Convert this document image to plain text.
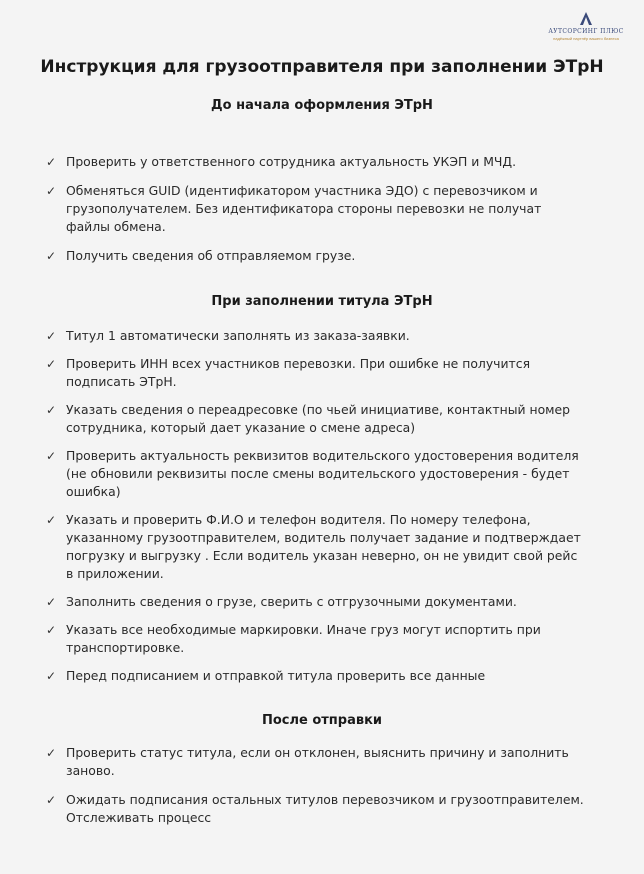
АУТСОРСИНГ ПЛЮС
надёжный партнёр вашего бизнеса
Инструкция для грузоотправителя при заполнении ЭТрН
До начала оформления ЭТрН
✓ Проверить у ответственного сотрудника актуальность УКЭП и МЧД.
✓ Обменяться GUID (идентификатором участника ЭДО) с перевозчиком и грузополучателем. Без идентификатора стороны перевозки не получат файлы обмена.
✓ Получить сведения об отправляемом грузе.
При заполнении титула ЭТрН
✓ Титул 1 автоматически заполнять из заказа-заявки.
✓ Проверить ИНН всех участников перевозки. При ошибке не получится подписать ЭТрН.
✓ Указать сведения о переадресовке (по чьей инициативе, контактный номер сотрудника, который дает указание о смене адреса)
✓ Проверить актуальность реквизитов водительского удостоверения водителя (не обновили реквизиты после смены водительского удостоверения - будет ошибка)
✓ Указать и проверить Ф.И.О и телефон водителя. По номеру телефона, указанному грузоотправителем, водитель получает задание и подтверждает погрузку и выгрузку . Если водитель указан неверно, он не увидит свой рейс в приложении.
✓ Заполнить сведения о грузе, сверить с отгрузочными документами.
✓ Указать все необходимые маркировки. Иначе груз могут испортить при транспортировке.
✓ Перед подписанием и отправкой титула проверить все данные
После отправки
✓ Проверить статус титула, если он отклонен, выяснить причину и заполнить заново.
✓ Ожидать подписания остальных титулов перевозчиком и грузоотправителем. Отслеживать процесс
